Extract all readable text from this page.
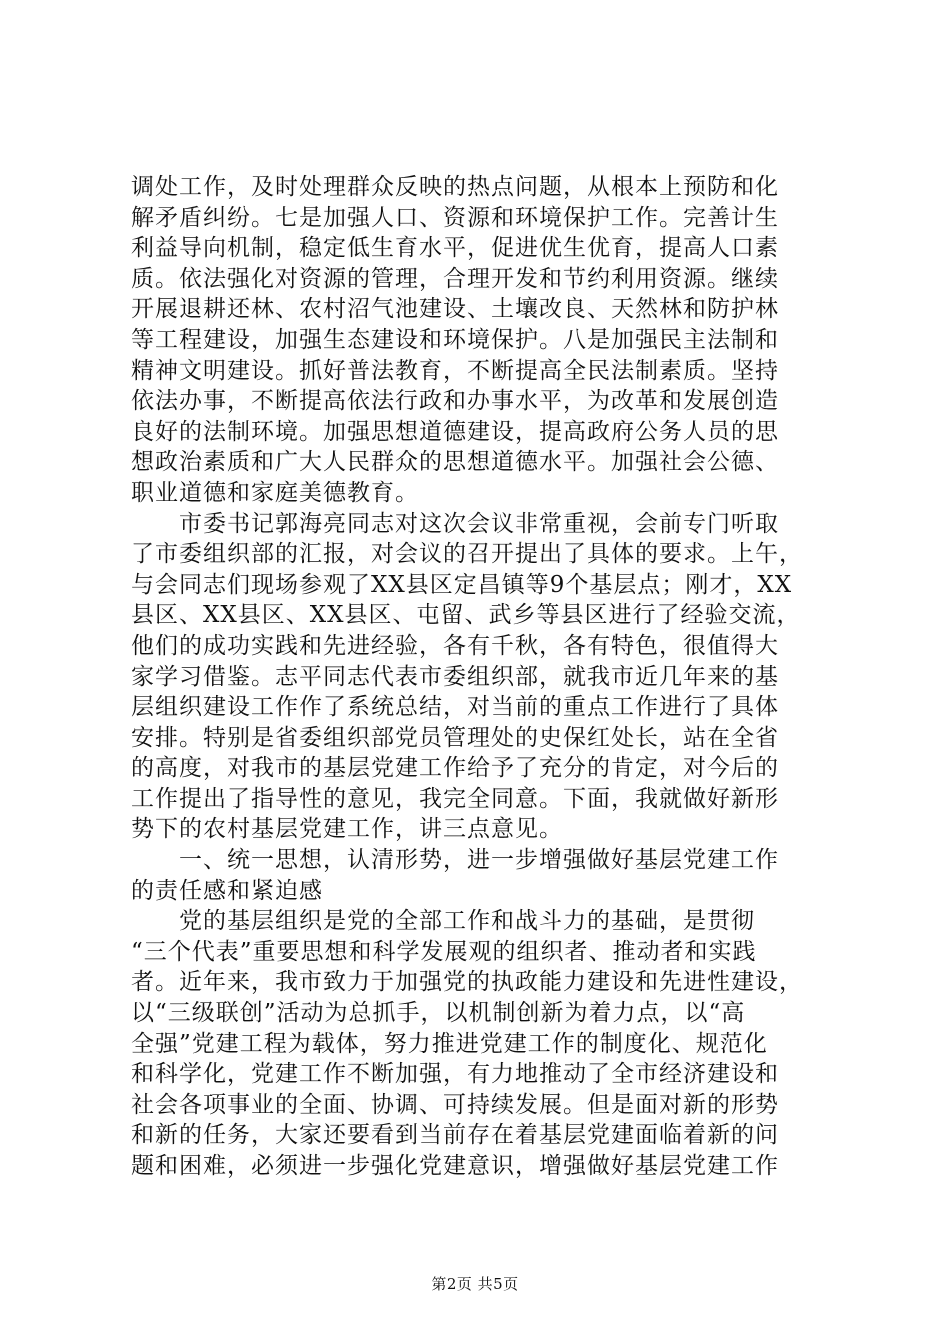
调处工作，及时处理群众反映的热点问题，从根本上预防和化
解矛盾纠纷。七是加强人口、资源和环境保护工作。完善计生
利益导向机制，稳定低生育水平，促进优生优育，提高人口素
质。依法强化对资源的管理，合理开发和节约利用资源。继续
开展退耕还林、农村沼气池建设、土壤改良、天然林和防护林
等工程建设，加强生态建设和环境保护。八是加强民主法制和
精神文明建设。抓好普法教育，不断提高全民法制素质。坚持
依法办事，不断提高依法行政和办事水平，为改革和发展创造
良好的法制环境。加强思想道德建设，提高政府公务人员的思
想政治素质和广大人民群众的思想道德水平。加强社会公德、
职业道德和家庭美德教育。
　　市委书记郭海亮同志对这次会议非常重视，会前专门听取
了市委组织部的汇报，对会议的召开提出了具体的要求。上午，
与会同志们现场参观了XX县区定昌镇等9个基层点；刚才，XX
县区、XX县区、XX县区、屯留、武乡等县区进行了经验交流，
他们的成功实践和先进经验，各有千秋，各有特色，很值得大
家学习借鉴。志平同志代表市委组织部，就我市近几年来的基
层组织建设工作作了系统总结，对当前的重点工作进行了具体
安排。特别是省委组织部党员管理处的史保红处长，站在全省
的高度，对我市的基层党建工作给予了充分的肯定，对今后的
工作提出了指导性的意见，我完全同意。下面，我就做好新形
势下的农村基层党建工作，讲三点意见。
　　一、统一思想，认清形势，进一步增强做好基层党建工作
的责任感和紧迫感
　　党的基层组织是党的全部工作和战斗力的基础，是贯彻
“三个代表”重要思想和科学发展观的组织者、推动者和实践
者。近年来，我市致力于加强党的执政能力建设和先进性建设，
以“三级联创”活动为总抓手，以机制创新为着力点，以“高
全强”党建工程为载体，努力推进党建工作的制度化、规范化
和科学化，党建工作不断加强，有力地推动了全市经济建设和
社会各项事业的全面、协调、可持续发展。但是面对新的形势
和新的任务，大家还要看到当前存在着基层党建面临着新的问
题和困难，必须进一步强化党建意识，增强做好基层党建工作
第2页 共5页
